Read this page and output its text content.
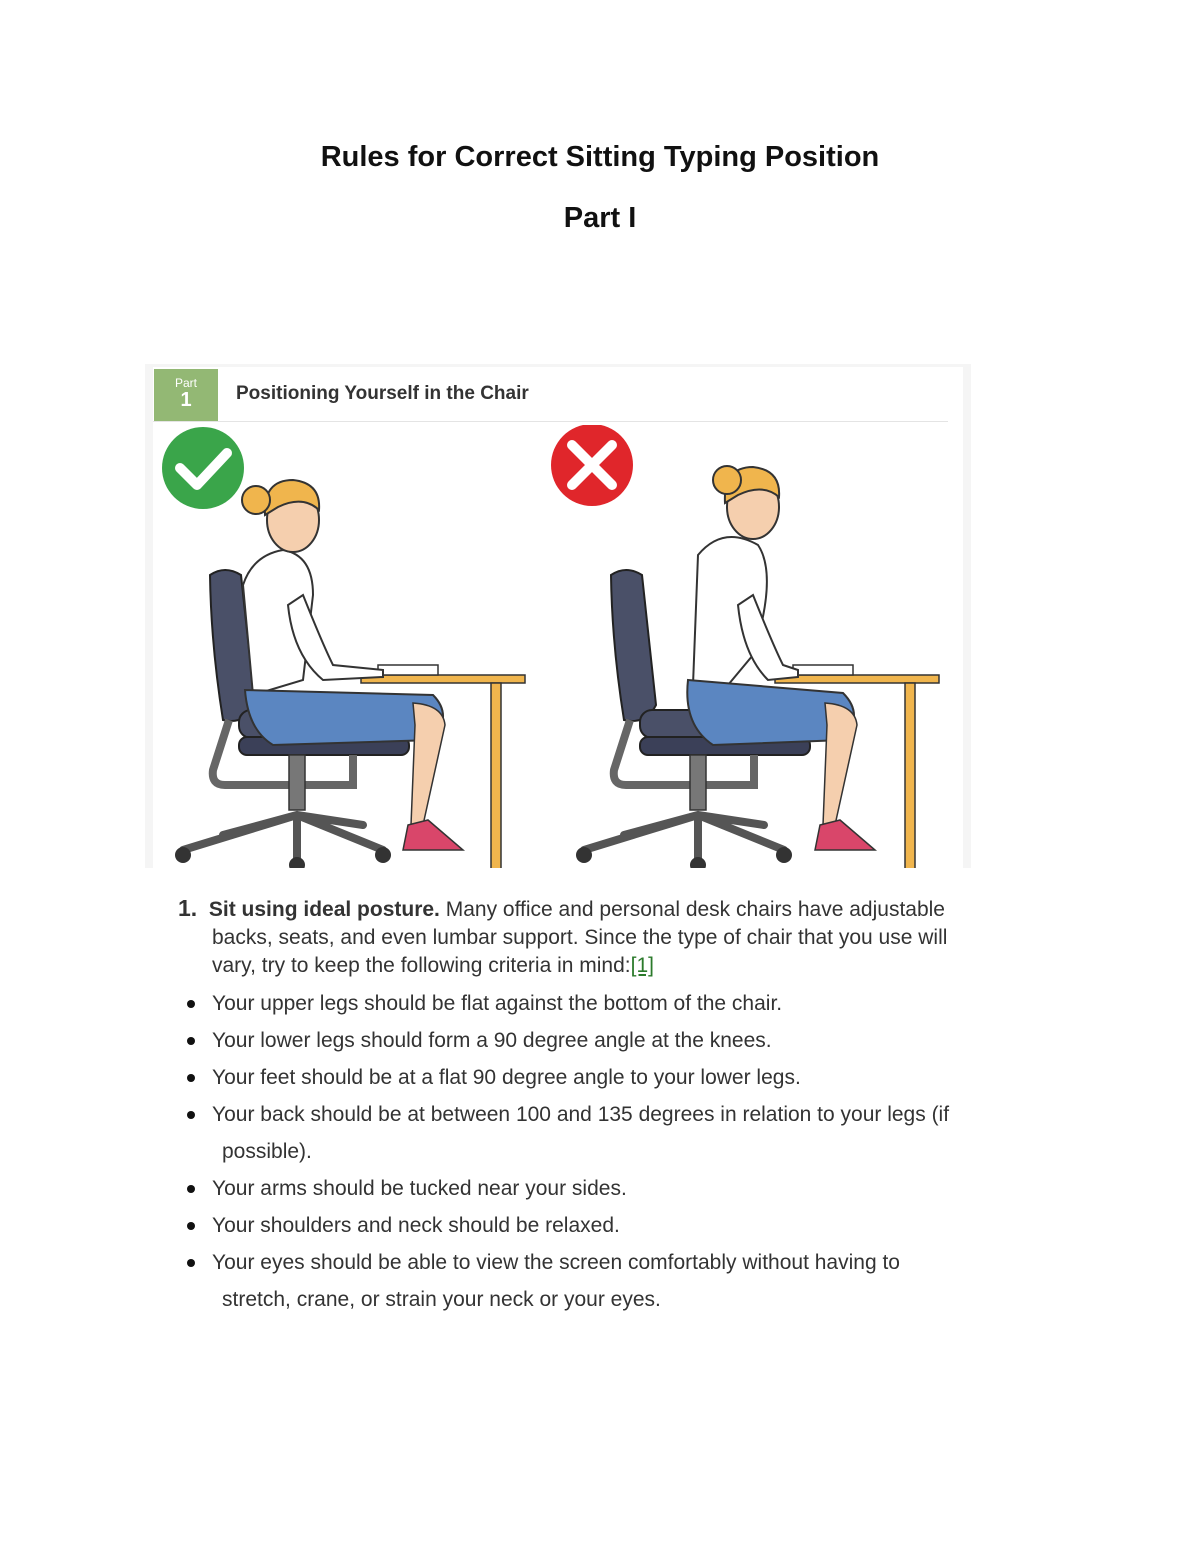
Rules for Correct Sitting Typing Position
Part I
Part
1	Positioning Yourself in the Chair
1. Sit using ideal posture. Many office and personal desk chairs have adjustable
backs, seats, and even lumbar support. Since the type of chair that you use will
vary, try to keep the following criteria in mind:[1]
Your upper legs should be flat against the bottom of the chair.
Your lower legs should form a 90 degree angle at the knees.
Your feet should be at a flat 90 degree angle to your lower legs.
Your back should be at between 100 and 135 degrees in relation to your legs (if
possible).
Your arms should be tucked near your sides.
Your shoulders and neck should be relaxed.
Your eyes should be able to view the screen comfortably without having to
stretch, crane, or strain your neck or your eyes.
